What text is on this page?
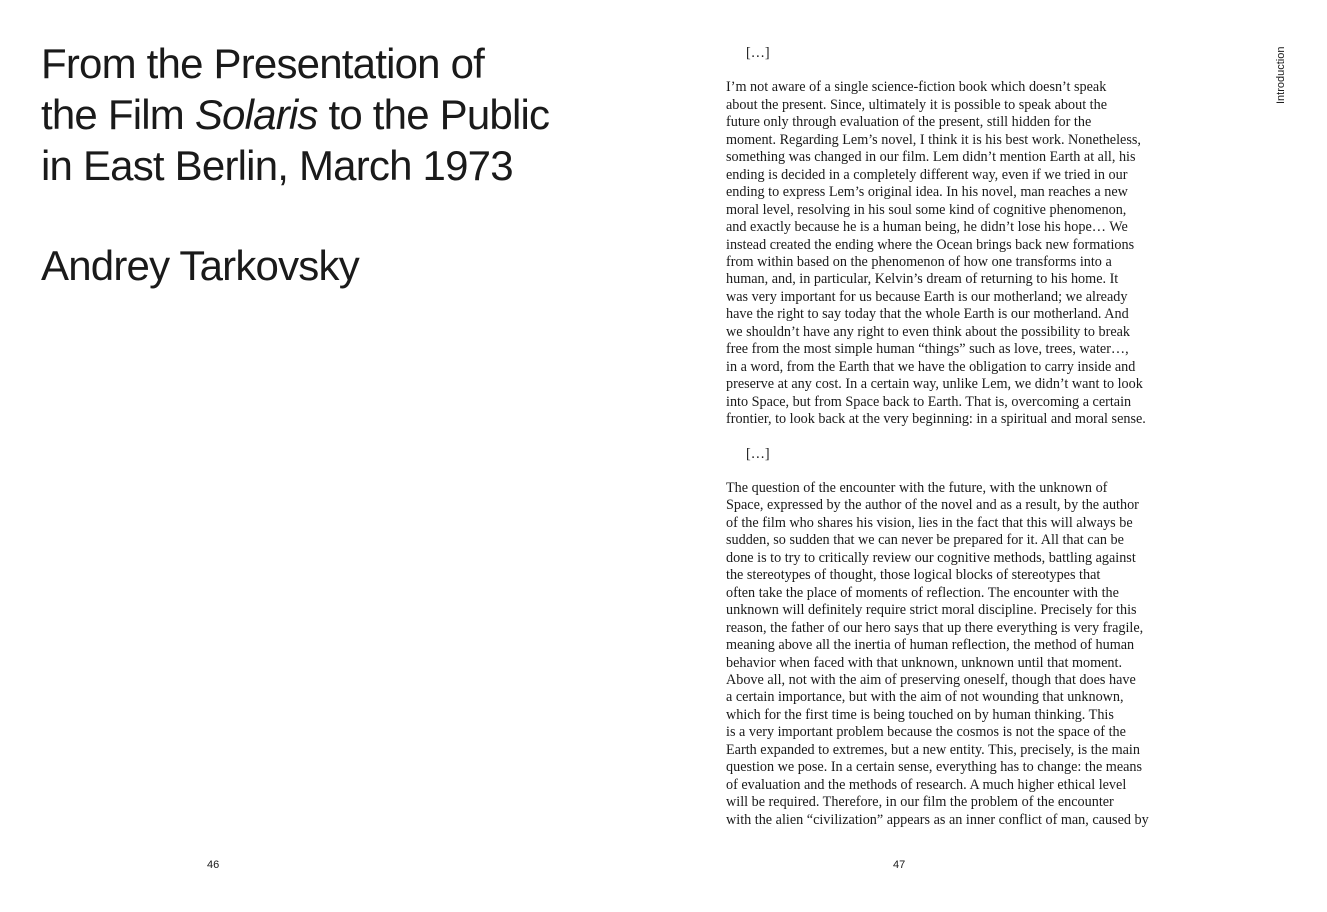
From the Presentation of
the Film Solaris to the Public
in East Berlin, March 1973
Andrey Tarkovsky
46
Introduction

[…]

I’m not aware of a single science-fiction book which doesn’t speak
about the present. Since, ultimately it is possible to speak about the
future only through evaluation of the present, still hidden for the
moment. Regarding Lem’s novel, I think it is his best work. Nonetheless,
something was changed in our film. Lem didn’t mention Earth at all, his
ending is decided in a completely different way, even if we tried in our
ending to express Lem’s original idea. In his novel, man reaches a new
moral level, resolving in his soul some kind of cognitive phenomenon,
and exactly because he is a human being, he didn’t lose his hope… We
instead created the ending where the Ocean brings back new formations
from within based on the phenomenon of how one transforms into a
human, and, in particular, Kelvin’s dream of returning to his home. It
was very important for us because Earth is our motherland; we already
have the right to say today that the whole Earth is our motherland. And
we shouldn’t have any right to even think about the possibility to break
free from the most simple human “things” such as love, trees, water…,
in a word, from the Earth that we have the obligation to carry inside and
preserve at any cost. In a certain way, unlike Lem, we didn’t want to look
into Space, but from Space back to Earth. That is, overcoming a certain
frontier, to look back at the very beginning: in a spiritual and moral sense.

[…]

The question of the encounter with the future, with the unknown of
Space, expressed by the author of the novel and as a result, by the author
of the film who shares his vision, lies in the fact that this will always be
sudden, so sudden that we can never be prepared for it. All that can be
done is to try to critically review our cognitive methods, battling against
the stereotypes of thought, those logical blocks of stereotypes that
often take the place of moments of reflection. The encounter with the
unknown will definitely require strict moral discipline. Precisely for this
reason, the father of our hero says that up there everything is very fragile,
meaning above all the inertia of human reflection, the method of human
behavior when faced with that unknown, unknown until that moment.
Above all, not with the aim of preserving oneself, though that does have
a certain importance, but with the aim of not wounding that unknown,
which for the first time is being touched on by human thinking. This
is a very important problem because the cosmos is not the space of the
Earth expanded to extremes, but a new entity. This, precisely, is the main
question we pose. In a certain sense, everything has to change: the means
of evaluation and the methods of research. A much higher ethical level
will be required. Therefore, in our film the problem of the encounter
with the alien “civilization” appears as an inner conflict of man, caused by

47
